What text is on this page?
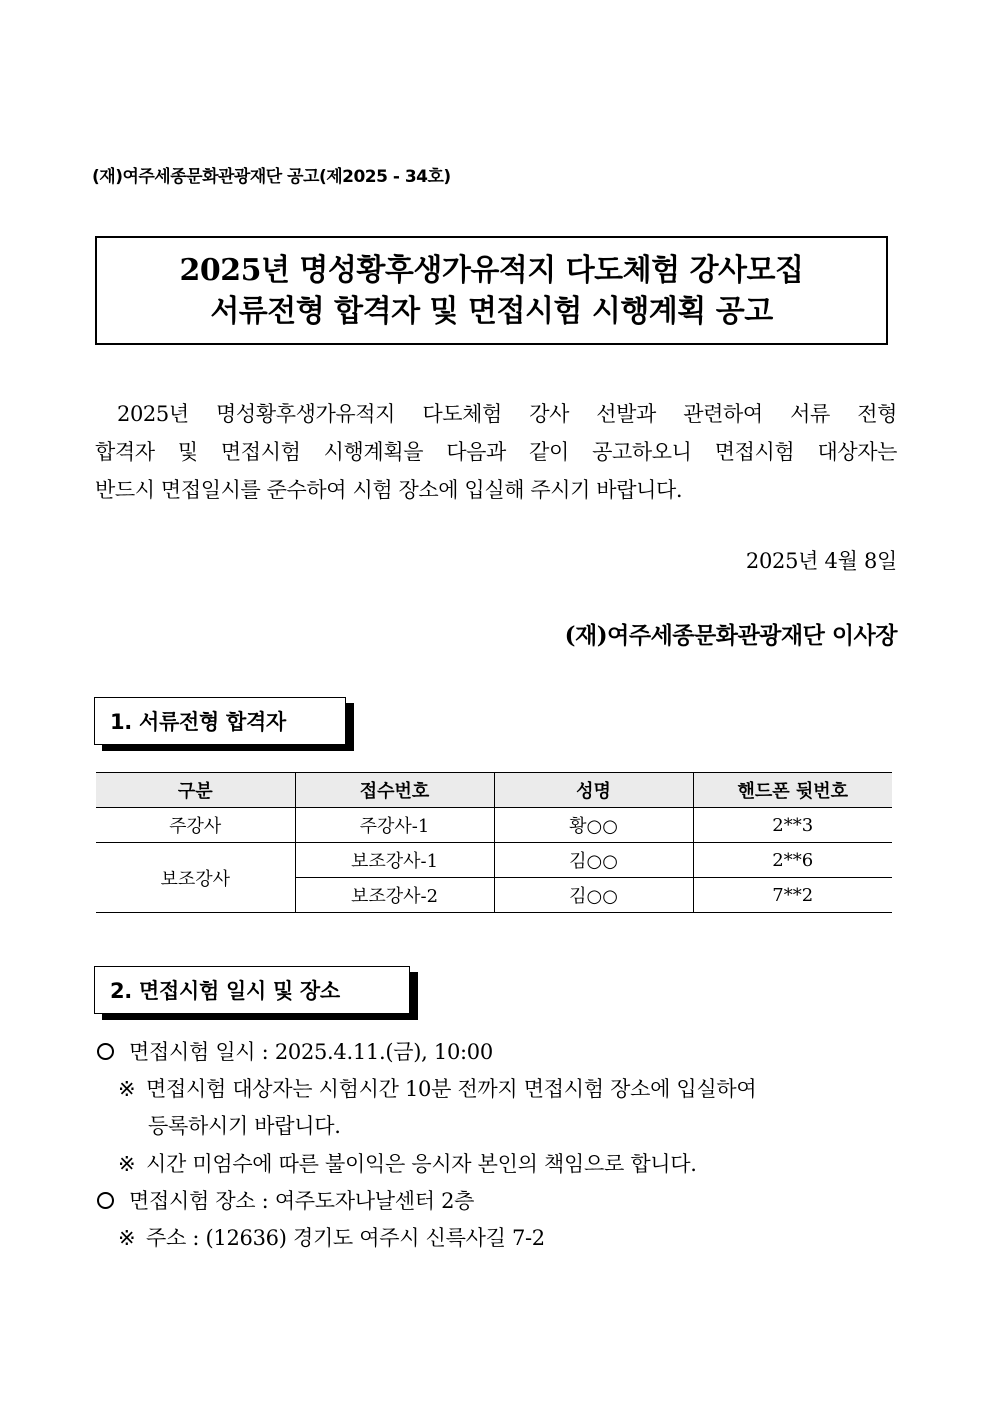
(재)여주세종문화관광재단 공고(제2025 - 34호)
2025년 명성황후생가유적지 다도체험 강사모집
서류전형 합격자 및 면접시험 시행계획 공고
2025년 명성황후생가유적지 다도체험 강사 선발과 관련하여 서류 전형
합격자 및 면접시험 시행계획을 다음과 같이 공고하오니 면접시험 대상자는
반드시 면접일시를 준수하여 시험 장소에 입실해 주시기 바랍니다.
2025년 4월 8일
(재)여주세종문화관광재단 이사장
1. 서류전형 합격자
구분	접수번호	성명	핸드폰 뒷번호
주강사	주강사-1	황○○	2**3
보조강사	보조강사-1	김○○	2**6
	보조강사-2	김○○	7**2
2. 면접시험 일시 및 장소
면접시험 일시 : 2025.4.11.(금), 10:00
※ 면접시험 대상자는 시험시간 10분 전까지 면접시험 장소에 입실하여
등록하시기 바랍니다.
※ 시간 미엄수에 따른 불이익은 응시자 본인의 책임으로 합니다.
면접시험 장소 : 여주도자나날센터 2층
※ 주소 : (12636) 경기도 여주시 신륵사길 7-2
